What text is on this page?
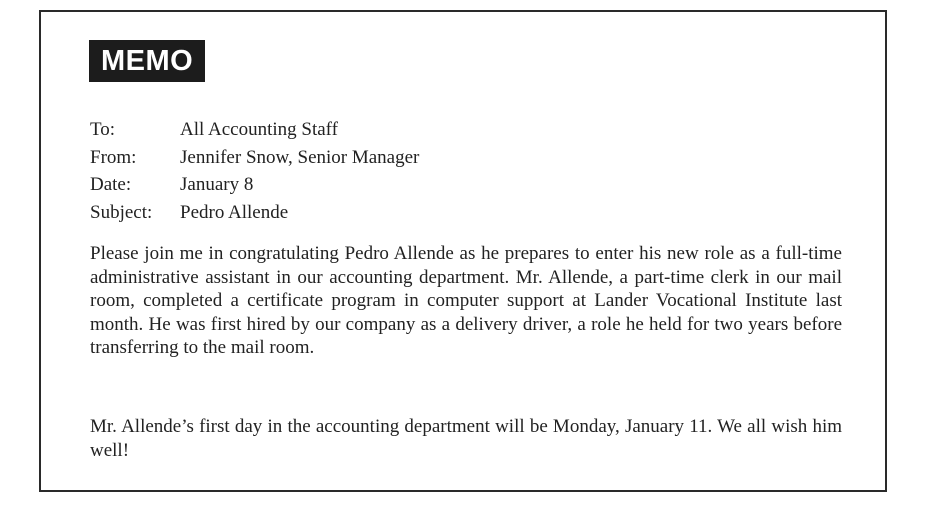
MEMO
To:	All Accounting Staff
From:	Jennifer Snow, Senior Manager
Date:	January 8
Subject:	Pedro Allende

Please join me in congratulating Pedro Allende as he prepares to enter his new role as a full-time administrative assistant in our accounting department. Mr. Allende, a part-time clerk in our mail room, completed a certificate program in computer support at Lander Vocational Institute last month. He was first hired by our company as a delivery driver, a role he held for two years before transferring to the mail room.

Mr. Allende’s first day in the accounting department will be Monday, January 11. We all wish him well!
